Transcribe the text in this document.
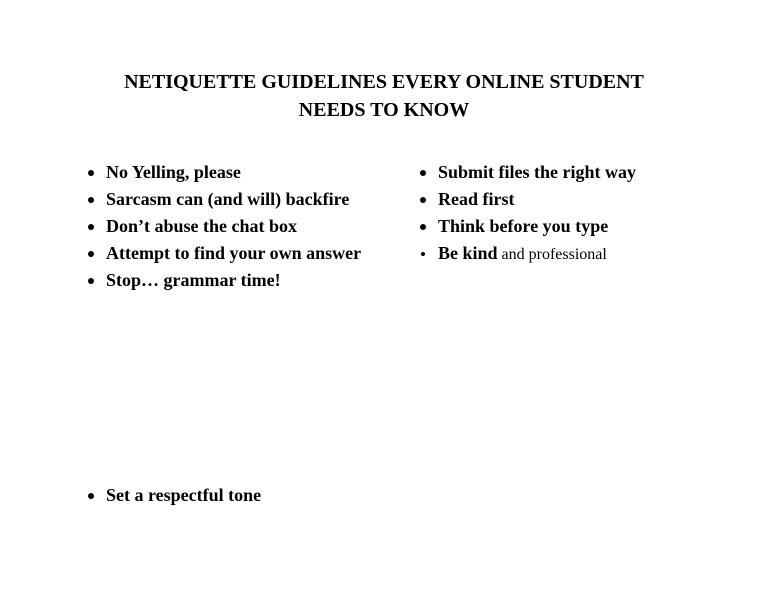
NETIQUETTE GUIDELINES EVERY ONLINE STUDENT
NEEDS TO KNOW
No Yelling, please
Sarcasm can (and will) backfire
Don’t abuse the chat box
Attempt to find your own answer
Stop… grammar time!
Submit files the right way
Read first
Think before you type
Be kind and professional
Set a respectful tone
